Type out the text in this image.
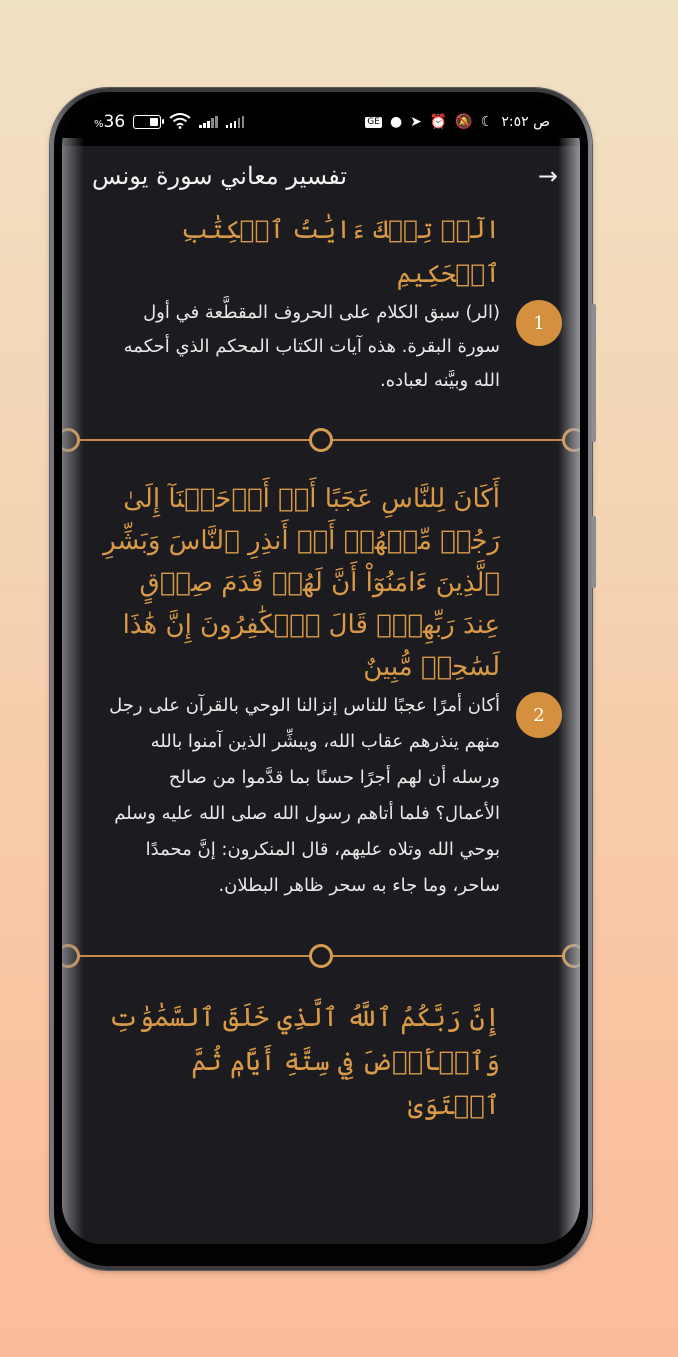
%36	GE ● ➤ ⏰ 🔕 ☾	ص ٢:٥٢
→
تفسير معاني سورة يونس

الٓرۚ تِلۡكَ ءَايَٰتُ ٱلۡكِتَٰبِ ٱلۡحَكِيمِ

1

(الر) سبق الكلام على الحروف المقطَّعة في أول سورة البقرة. هذه آيات الكتاب المحكم الذي أحكمه الله وبيَّنه لعباده.

أَكَانَ لِلنَّاسِ عَجَبًا أَنۡ أَوۡحَيۡنَآ إِلَىٰ رَجُلٖ مِّنۡهُمۡ أَنۡ أَنذِرِ ٱلنَّاسَ وَبَشِّرِ ٱلَّذِينَ ءَامَنُوٓاْ أَنَّ لَهُمۡ قَدَمَ صِدۡقٍ عِندَ رَبِّهِمۡۗ قَالَ ٱلۡكَٰفِرُونَ إِنَّ هَٰذَا لَسَٰحِرٞ مُّبِينٌ

2

أكان أمرًا عجبًا للناس إنزالنا الوحي بالقرآن على رجل منهم ينذرهم عقاب الله، ويبشِّر الذين آمنوا بالله ورسله أن لهم أجرًا حسنًا بما قدَّموا من صالح الأعمال؟ فلما أتاهم رسول الله صلى الله عليه وسلم بوحي الله وتلاه عليهم، قال المنكرون: إنَّ محمدًا ساحر، وما جاء به سحر ظاهر البطلان.

إِنَّ رَبَّكُمُ ٱللَّهُ ٱلَّذِي خَلَقَ ٱلسَّمَٰوَٰتِ وَٱلۡأَرۡضَ فِي سِتَّةِ أَيَّامٖ ثُمَّ ٱسۡتَوَىٰ
